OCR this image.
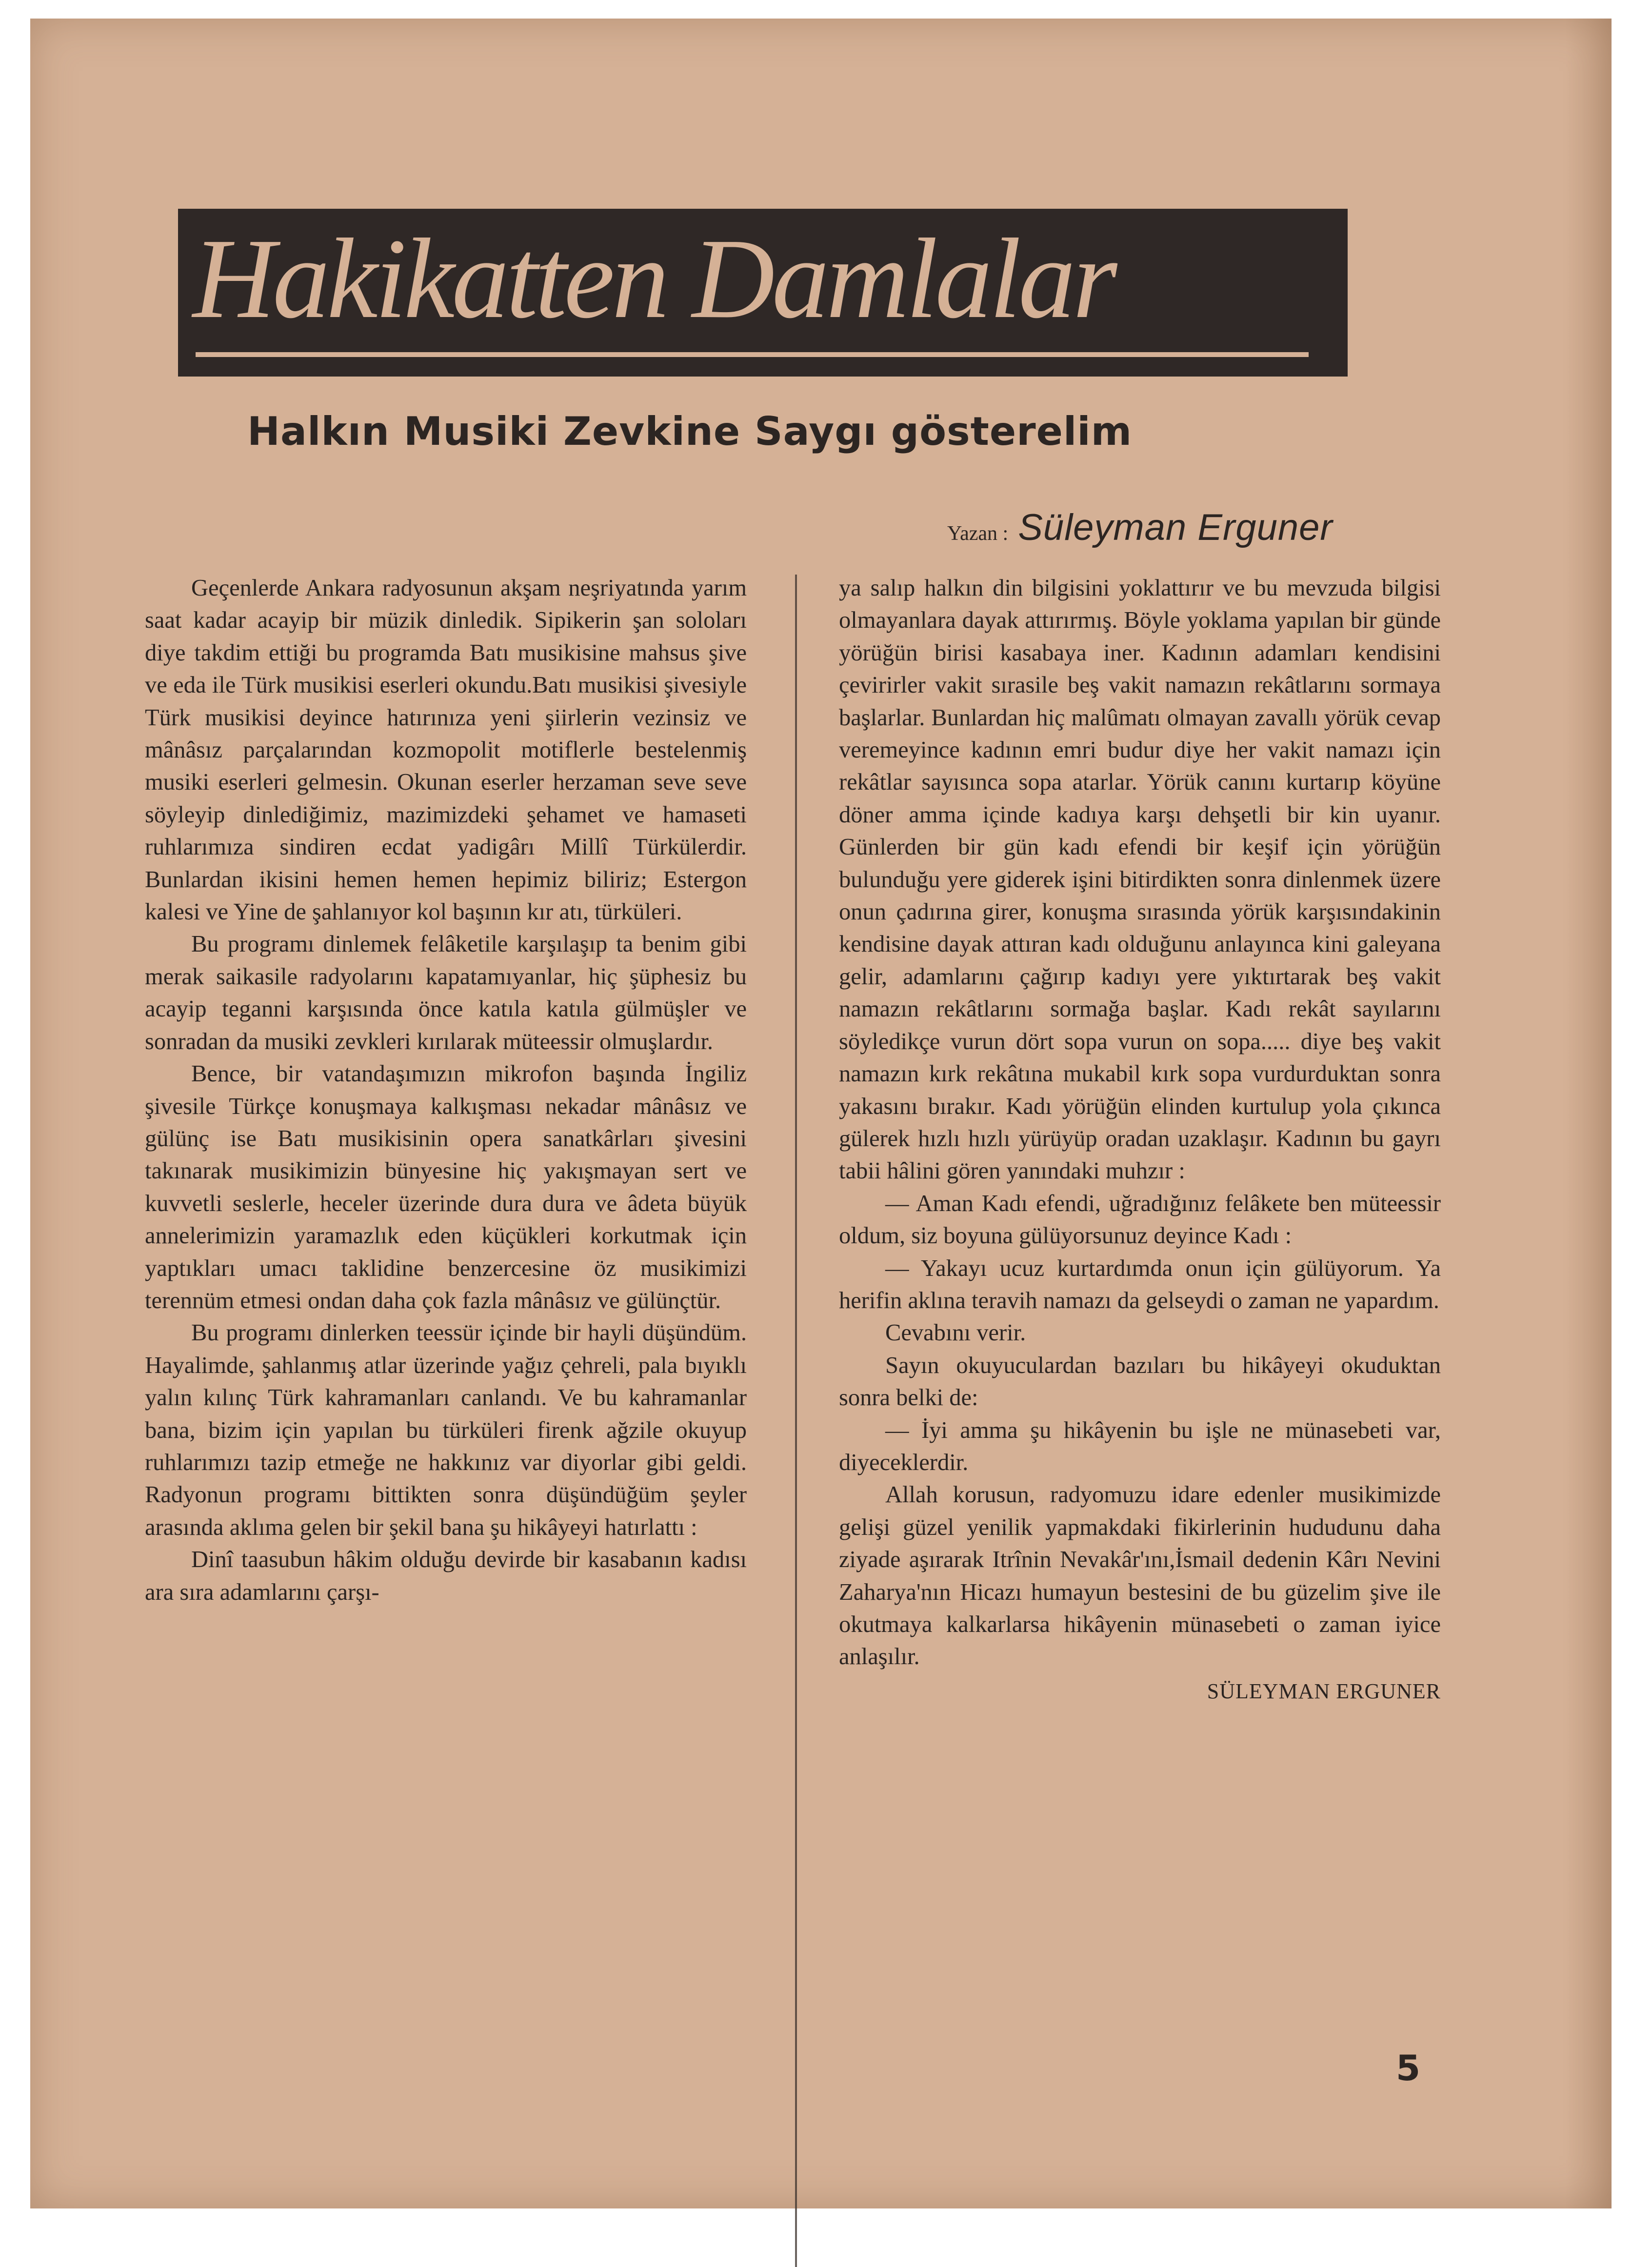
Hakikatten Damlalar
Halkın Musiki Zevkine Saygı gösterelim
Yazan : Süleyman Erguner

Geçenlerde Ankara radyosunun akşam neşriyatında yarım saat kadar acayip bir müzik dinledik. Sipikerin şan soloları diye takdim ettiği bu programda Batı musikisine mahsus şive ve eda ile Türk musikisi eserleri okundu.Batı musikisi şivesiyle Türk musikisi deyince hatırınıza yeni şiirlerin vezinsiz ve mânâsız parçalarından kozmopolit motiflerle bestelenmiş musiki eserleri gelmesin. Okunan eserler herzaman seve seve söyleyip dinlediğimiz, mazimizdeki şehamet ve hamaseti ruhlarımıza sindiren ecdat yadigârı Millî Türkülerdir. Bunlardan ikisini hemen hemen hepimiz biliriz; Estergon kalesi ve Yine de şahlanıyor kol başının kır atı, türküleri.

Bu programı dinlemek felâketile karşılaşıp ta benim gibi merak saikasile radyolarını kapatamıyanlar, hiç şüphesiz bu acayip teganni karşısında önce katıla katıla gülmüşler ve sonradan da musiki zevkleri kırılarak müteessir olmuşlardır.

Bence, bir vatandaşımızın mikrofon başında İngiliz şivesile Türkçe konuşmaya kalkışması nekadar mânâsız ve gülünç ise Batı musikisinin opera sanatkârları şivesini takınarak musikimizin bünyesine hiç yakışmayan sert ve kuvvetli seslerle, heceler üzerinde dura dura ve âdeta büyük annelerimizin yaramazlık eden küçükleri korkutmak için yaptıkları umacı taklidine benzercesine öz musikimizi terennüm etmesi ondan daha çok fazla mânâsız ve gülünçtür.

Bu programı dinlerken teessür içinde bir hayli düşündüm. Hayalimde, şahlanmış atlar üzerinde yağız çehreli, pala bıyıklı yalın kılınç Türk kahramanları canlandı. Ve bu kahramanlar bana, bizim için yapılan bu türküleri firenk ağzile okuyup ruhlarımızı tazip etmeğe ne hakkınız var diyorlar gibi geldi. Radyonun programı bittikten sonra düşündüğüm şeyler arasında aklıma gelen bir şekil bana şu hikâyeyi hatırlattı :

Dinî taasubun hâkim olduğu devirde bir kasabanın kadısı ara sıra adamlarını çarşı-

ya salıp halkın din bilgisini yoklattırır ve bu mevzuda bilgisi olmayanlara dayak attırırmış. Böyle yoklama yapılan bir günde yörüğün birisi kasabaya iner. Kadının adamları kendisini çevirirler vakit sırasile beş vakit namazın rekâtlarını sormaya başlarlar. Bunlardan hiç malûmatı olmayan zavallı yörük cevap veremeyince kadının emri budur diye her vakit namazı için rekâtlar sayısınca sopa atarlar. Yörük canını kurtarıp köyüne döner amma içinde kadıya karşı dehşetli bir kin uyanır. Günlerden bir gün kadı efendi bir keşif için yörüğün bulunduğu yere giderek işini bitirdikten sonra dinlenmek üzere onun çadırına girer, konuşma sırasında yörük karşısındakinin kendisine dayak attıran kadı olduğunu anlayınca kini galeyana gelir, adamlarını çağırıp kadıyı yere yıktırtarak beş vakit namazın rekâtlarını sormağa başlar. Kadı rekât sayılarını söyledikçe vurun dört sopa vurun on sopa..... diye beş vakit namazın kırk rekâtına mukabil kırk sopa vurdurduktan sonra yakasını bırakır. Kadı yörüğün elinden kurtulup yola çıkınca gülerek hızlı hızlı yürüyüp oradan uzaklaşır. Kadının bu gayrı tabii hâlini gören yanındaki muhzır :

— Aman Kadı efendi, uğradığınız felâkete ben müteessir oldum, siz boyuna gülüyorsunuz deyince Kadı :

— Yakayı ucuz kurtardımda onun için gülüyorum. Ya herifin aklına teravih namazı da gelseydi o zaman ne yapardım.

Cevabını verir.

Sayın okuyuculardan bazıları bu hikâyeyi okuduktan sonra belki de:

— İyi amma şu hikâyenin bu işle ne münasebeti var, diyeceklerdir.

Allah korusun, radyomuzu idare edenler musikimizde gelişi güzel yenilik yapmakdaki fikirlerinin hududunu daha ziyade aşırarak Itrînin Nevakâr'ını,İsmail dedenin Kârı Nevini Zaharya'nın Hicazı humayun bestesini de bu güzelim şive ile okutmaya kalkarlarsa hikâyenin münasebeti o zaman iyice anlaşılır.

SÜLEYMAN ERGUNER
5
